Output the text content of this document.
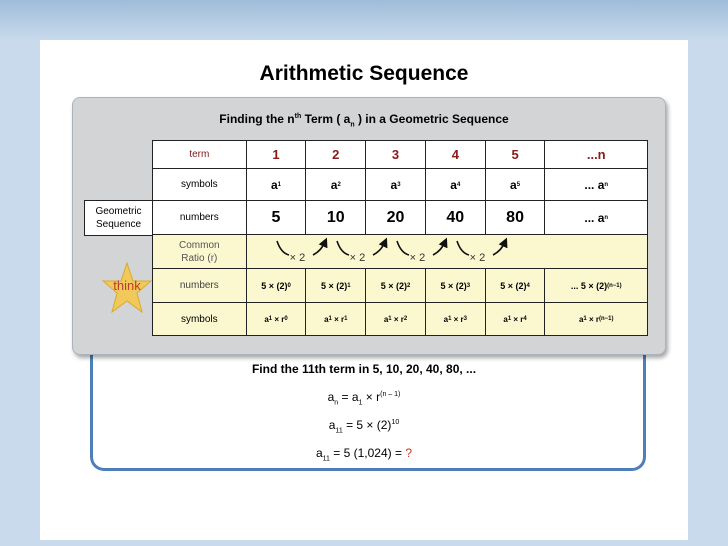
Arithmetic Sequence
Finding the $n^{th}$ Term ( $a_n$ ) in a Geometric Sequence
Geometric
Sequence
think
term	1	2	3	4	5	...n
symbols	a 1	a 2	a 3	a 4	a 5	... a n
numbers	5	10	20	40	80	... a n
Common
Ratio (r)	× 2	× 2	× 2	× 2
numbers	5 × (2) 0	5 × (2) 1	5 × (2) 2	5 × (2) 3	5 × (2) 4	... 5 × (2) (n−1)
symbols	a 1 × r 0	a 1 × r 1	a 1 × r 2	a 1 × r 3	a 1 × r 4	a 1 × r (n−1)
Find the 11th term in 5, 10, 20, 40, 80, ...
$a_n = a_1 \times r^{(n - 1)}$
$a_{11} = 5 \times (2)^{10}$
$a_{11} = 5$ (1,024) = ?
